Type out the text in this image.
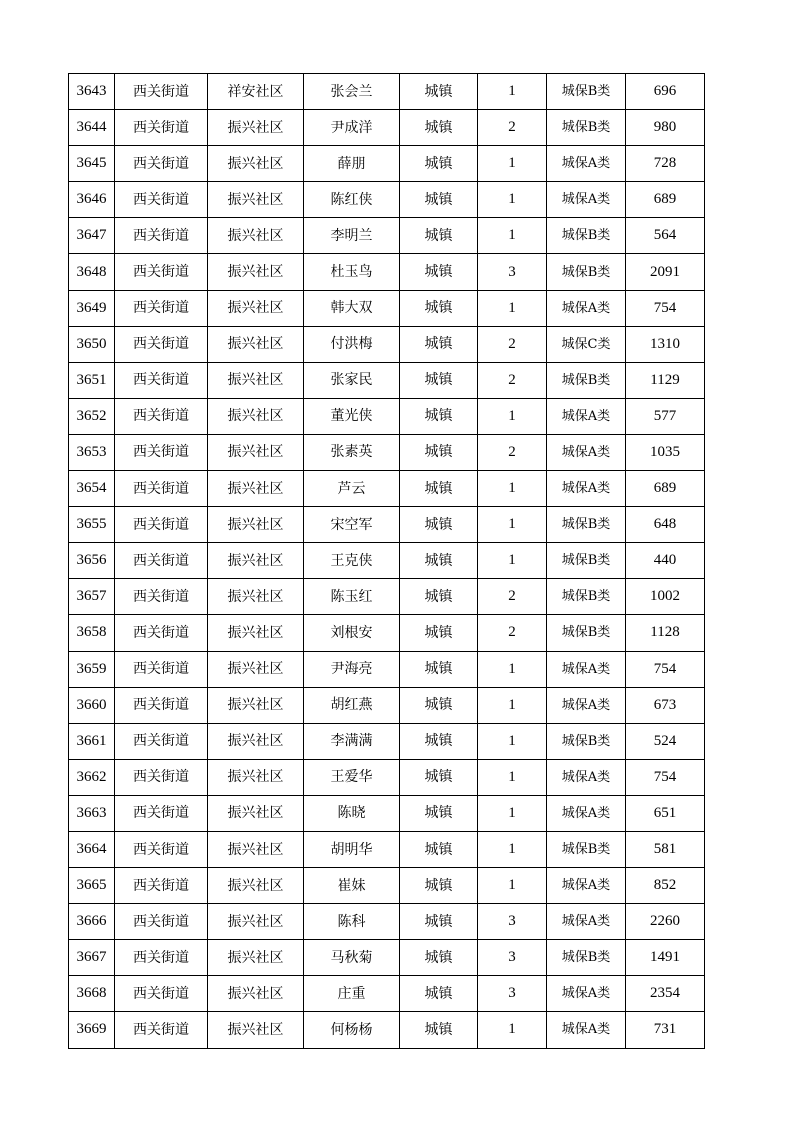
3643	西关街道	祥安社区	张会兰	城镇	1	城保B类	696
3644	西关街道	振兴社区	尹成洋	城镇	2	城保B类	980
3645	西关街道	振兴社区	薛朋	城镇	1	城保A类	728
3646	西关街道	振兴社区	陈红侠	城镇	1	城保A类	689
3647	西关街道	振兴社区	李明兰	城镇	1	城保B类	564
3648	西关街道	振兴社区	杜玉鸟	城镇	3	城保B类	2091
3649	西关街道	振兴社区	韩大双	城镇	1	城保A类	754
3650	西关街道	振兴社区	付洪梅	城镇	2	城保C类	1310
3651	西关街道	振兴社区	张家民	城镇	2	城保B类	1129
3652	西关街道	振兴社区	董光侠	城镇	1	城保A类	577
3653	西关街道	振兴社区	张素英	城镇	2	城保A类	1035
3654	西关街道	振兴社区	芦云	城镇	1	城保A类	689
3655	西关街道	振兴社区	宋空军	城镇	1	城保B类	648
3656	西关街道	振兴社区	王克侠	城镇	1	城保B类	440
3657	西关街道	振兴社区	陈玉红	城镇	2	城保B类	1002
3658	西关街道	振兴社区	刘根安	城镇	2	城保B类	1128
3659	西关街道	振兴社区	尹海亮	城镇	1	城保A类	754
3660	西关街道	振兴社区	胡红燕	城镇	1	城保A类	673
3661	西关街道	振兴社区	李满满	城镇	1	城保B类	524
3662	西关街道	振兴社区	王爱华	城镇	1	城保A类	754
3663	西关街道	振兴社区	陈晓	城镇	1	城保A类	651
3664	西关街道	振兴社区	胡明华	城镇	1	城保B类	581
3665	西关街道	振兴社区	崔妹	城镇	1	城保A类	852
3666	西关街道	振兴社区	陈科	城镇	3	城保A类	2260
3667	西关街道	振兴社区	马秋菊	城镇	3	城保B类	1491
3668	西关街道	振兴社区	庄重	城镇	3	城保A类	2354
3669	西关街道	振兴社区	何杨杨	城镇	1	城保A类	731
